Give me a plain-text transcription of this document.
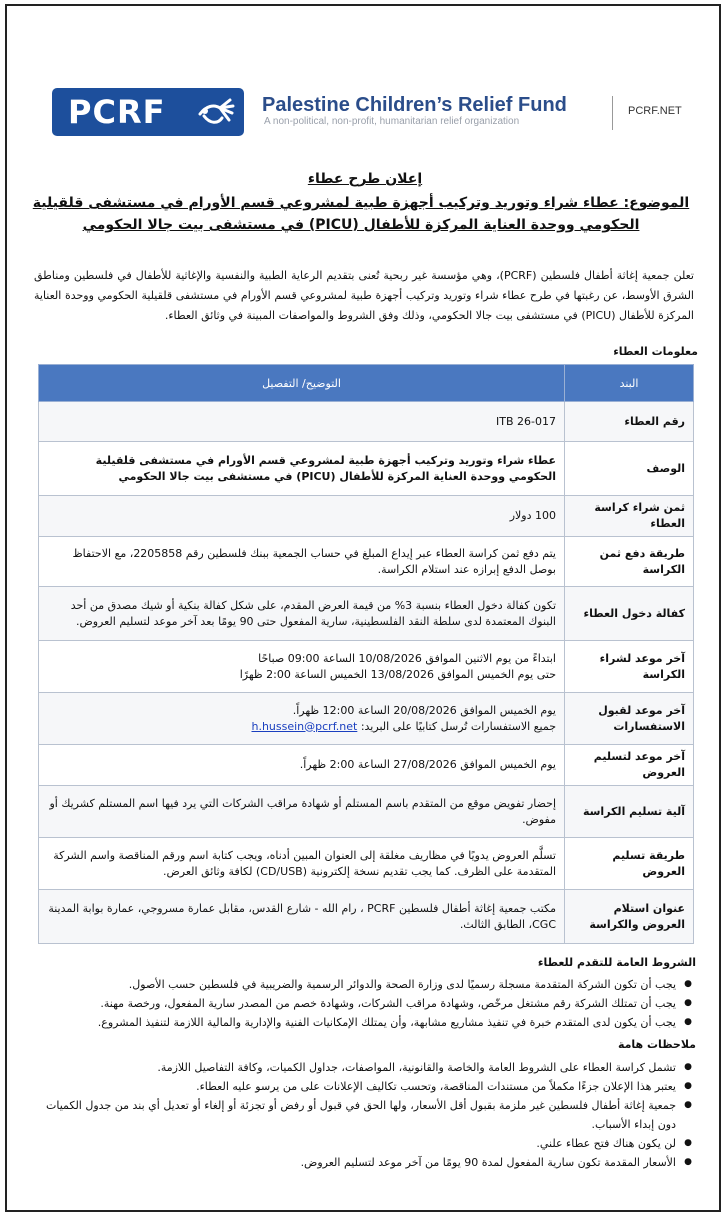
PCRF	Palestine Children’s Relief Fund
A non-political, non-profit, humanitarian relief organization
PCRF.NET
إعلان طرح عطاء
الموضوع: عطاء شراء وتوريد وتركيب أجهزة طبية لمشروعي قسم الأورام في مستشفى قلقيلية الحكومي ووحدة العناية المركزة للأطفال (PICU) في مستشفى بيت جالا الحكومي
تعلن جمعية إغاثة أطفال فلسطين (PCRF)، وهي مؤسسة غير ربحية تُعنى بتقديم الرعاية الطبية والنفسية والإغاثية للأطفال في فلسطين ومناطق الشرق الأوسط، عن رغبتها في طرح عطاء شراء وتوريد وتركيب أجهزة طبية لمشروعي قسم الأورام في مستشفى قلقيلية الحكومي ووحدة العناية المركزة للأطفال (PICU) في مستشفى بيت جالا الحكومي، وذلك وفق الشروط والمواصفات المبينة في وثائق العطاء.
معلومات العطاء
البند	التوضيح/ التفصيل
رقم العطاء	ITB 26-017
الوصف	عطاء شراء وتوريد وتركيب أجهزة طبية لمشروعي قسم الأورام في مستشفى قلقيلية الحكومي ووحدة العناية المركزة للأطفال (PICU) في مستشفى بيت جالا الحكومي
ثمن شراء كراسة العطاء	100 دولار
طريقة دفع ثمن الكراسة	يتم دفع ثمن كراسة العطاء عبر إيداع المبلغ في حساب الجمعية ببنك فلسطين رقم 2205858، مع الاحتفاظ بوصل الدفع إبرازه عند استلام الكراسة.
كفالة دخول العطاء	تكون كفالة دخول العطاء بنسبة 3% من قيمة العرض المقدم، على شكل كفالة بنكية أو شيك مصدق من أحد البنوك المعتمدة لدى سلطة النقد الفلسطينية، سارية المفعول حتى 90 يومًا بعد آخر موعد لتسليم العروض.
آخر موعد لشراء الكراسة	ابتداءً من يوم الاثنين الموافق 10/08/2026 الساعة 09:00 صباحًا
حتى يوم الخميس الموافق 13/08/2026 الخميس الساعة 2:00 ظهرًا

آخر موعد لقبول الاستفسارات	يوم الخميس الموافق 20/08/2026 الساعة 12:00 ظهراً.
جميع الاستفسارات تُرسل كتابيًا على البريد: h.hussein@pcrf.net

آخر موعد لتسليم العروض	يوم الخميس الموافق 27/08/2026 الساعة 2:00 ظهراً.
آلية تسليم الكراسة	إحضار تفويض موقع من المتقدم باسم المستلم أو شهادة مراقب الشركات التي يرد فيها اسم المستلم كشريك أو مفوض.
طريقة تسليم العروض	تسلَّم العروض يدويًا في مظاريف مغلقة إلى العنوان المبين أدناه، ويجب كتابة اسم ورقم المناقصة واسم الشركة المتقدمة على الظرف. كما يجب تقديم نسخة إلكترونية (CD/USB) لكافة وثائق العرض.
عنوان استلام العروض والكراسة	مكتب جمعية إغاثة أطفال فلسطين PCRF ، رام الله - شارع القدس، مقابل عمارة مسروجي، عمارة بوابة المدينة CGC، الطابق الثالث.
الشروط العامة للتقدم للعطاء
● يجب أن تكون الشركة المتقدمة مسجلة رسميًا لدى وزارة الصحة والدوائر الرسمية والضريبية في فلسطين حسب الأصول.
● يجب أن تمتلك الشركة رقم مشتغل مرخّص، وشهادة مراقب الشركات، وشهادة خصم من المصدر سارية المفعول، ورخصة مهنة.
● يجب أن يكون لدى المتقدم خبرة في تنفيذ مشاريع مشابهة، وأن يمتلك الإمكانيات الفنية والإدارية والمالية اللازمة لتنفيذ المشروع.
ملاحظات هامة
● تشمل كراسة العطاء على الشروط العامة والخاصة والقانونية، المواصفات، جداول الكميات، وكافة التفاصيل اللازمة.
● يعتبر هذا الإعلان جزءًا مكملاً من مستندات المناقصة، وتحسب تكاليف الإعلانات على من يرسو عليه العطاء.
● جمعية إغاثة أطفال فلسطين غير ملزمة بقبول أقل الأسعار، ولها الحق في قبول أو رفض أو تجزئة أو إلغاء أو تعديل أي بند من جدول الكميات دون إبداء الأسباب.
● لن يكون هناك فتح عطاء علني.
● الأسعار المقدمة تكون سارية المفعول لمدة 90 يومًا من آخر موعد لتسليم العروض.
